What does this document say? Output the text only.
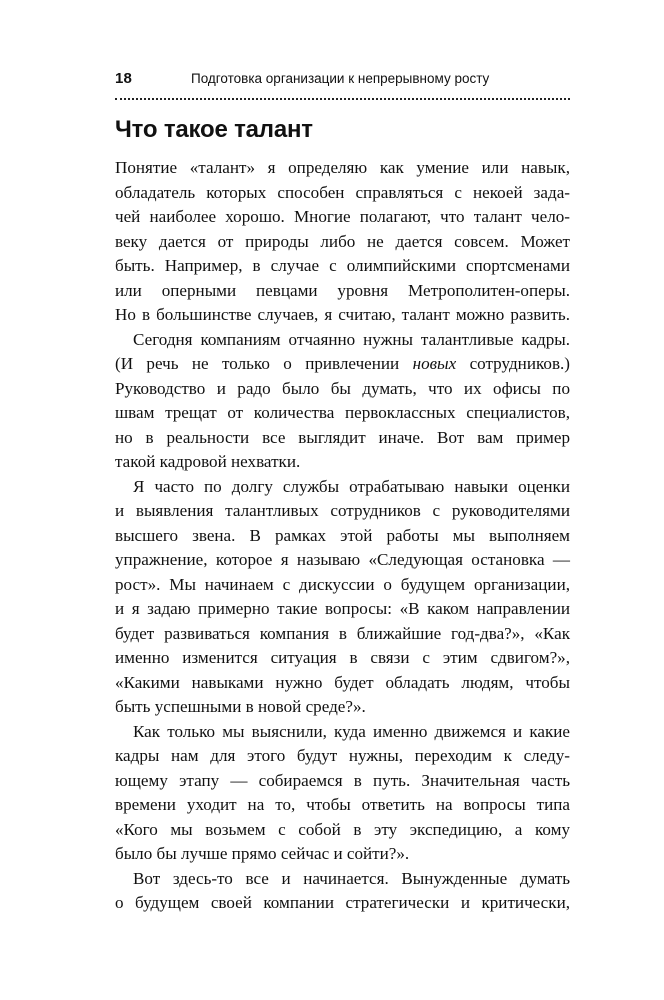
18	Подготовка организации к непрерывному росту
Что такое талант
Понятие «талант» я определяю как умение или навык,
обладатель которых способен справляться с некоей зада-
чей наиболее хорошо. Многие полагают, что талант чело-
веку дается от природы либо не дается совсем. Может
быть. Например, в случае с олимпийскими спортсменами
или оперными певцами уровня Метрополитен-оперы.
Но в большинстве случаев, я считаю, талант можно развить.
Сегодня компаниям отчаянно нужны талантливые кадры.
(И речь не только о привлечении новых сотрудников.)
Руководство и радо было бы думать, что их офисы по
швам трещат от количества первоклассных специалистов,
но в реальности все выглядит иначе. Вот вам пример
такой кадровой нехватки.
Я часто по долгу службы отрабатываю навыки оценки
и выявления талантливых сотрудников с руководителями
высшего звена. В рамках этой работы мы выполняем
упражнение, которое я называю «Следующая остановка —
рост». Мы начинаем с дискуссии о будущем организации,
и я задаю примерно такие вопросы: «В каком направлении
будет развиваться компания в ближайшие год-два?», «Как
именно изменится ситуация в связи с этим сдвигом?»,
«Какими навыками нужно будет обладать людям, чтобы
быть успешными в новой среде?».
Как только мы выяснили, куда именно движемся и какие
кадры нам для этого будут нужны, переходим к следу-
ющему этапу — собираемся в путь. Значительная часть
времени уходит на то, чтобы ответить на вопросы типа
«Кого мы возьмем с собой в эту экспедицию, а кому
было бы лучше прямо сейчас и сойти?».
Вот здесь-то все и начинается. Вынужденные думать
о будущем своей компании стратегически и критически,
